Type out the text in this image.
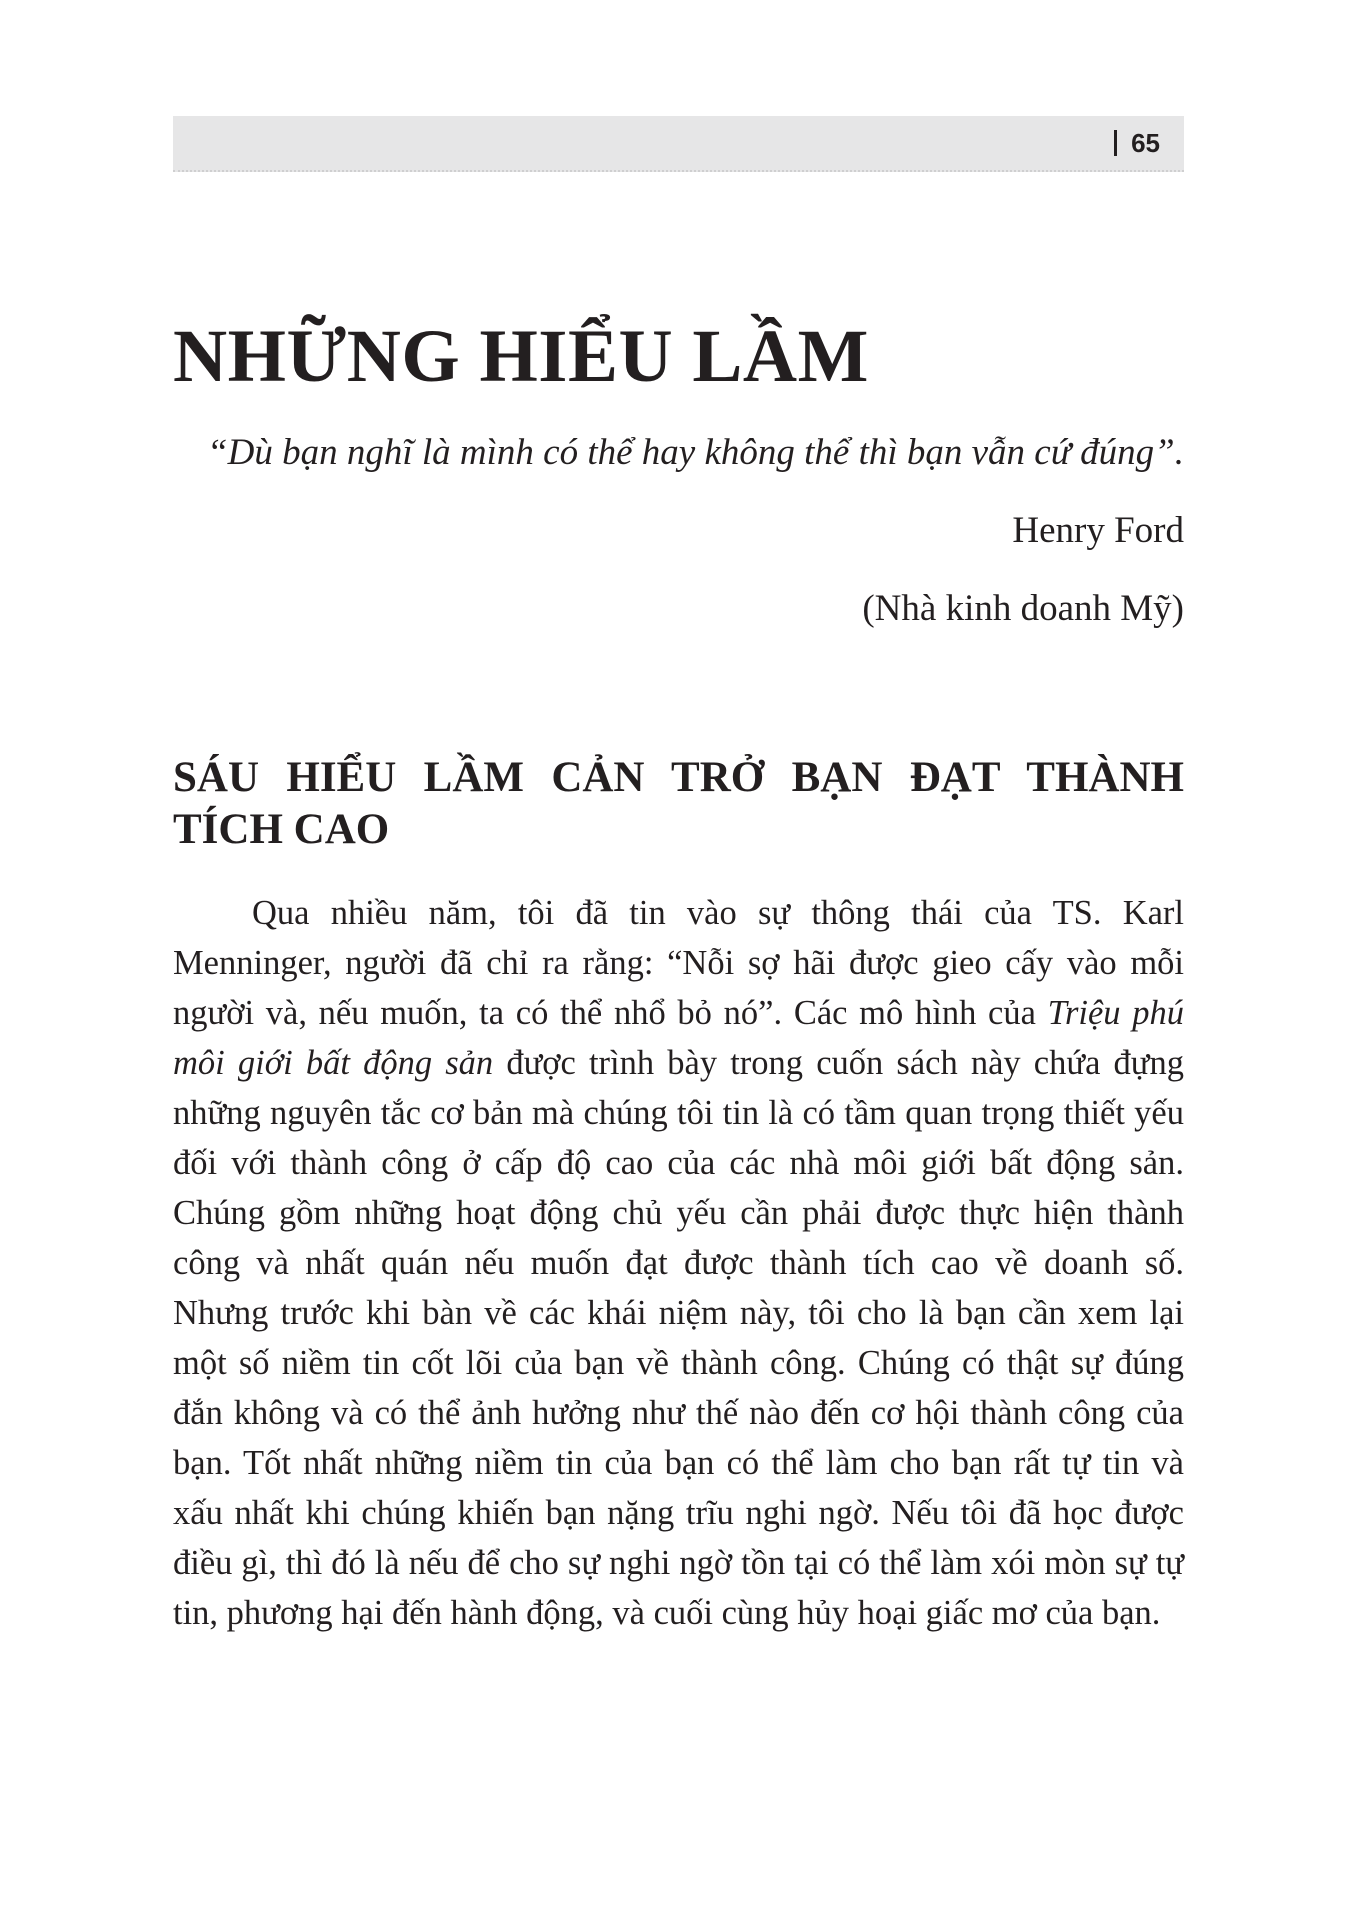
65
NHỮNG HIỂU LẦM

“Dù bạn nghĩ là mình có thể hay không thể thì bạn vẫn cứ đúng”.

Henry Ford

(Nhà kinh doanh Mỹ)

SÁU HIỂU LẦM CẢN TRỞ BẠN ĐẠT THÀNH TÍCH CAO

Qua nhiều năm, tôi đã tin vào sự thông thái của TS. Karl Menninger, người đã chỉ ra rằng: “Nỗi sợ hãi được gieo cấy vào mỗi người và, nếu muốn, ta có thể nhổ bỏ nó”. Các mô hình của Triệu phú môi giới bất động sản được trình bày trong cuốn sách này chứa đựng những nguyên tắc cơ bản mà chúng tôi tin là có tầm quan trọng thiết yếu đối với thành công ở cấp độ cao của các nhà môi giới bất động sản. Chúng gồm những hoạt động chủ yếu cần phải được thực hiện thành công và nhất quán nếu muốn đạt được thành tích cao về doanh số. Nhưng trước khi bàn về các khái niệm này, tôi cho là bạn cần xem lại một số niềm tin cốt lõi của bạn về thành công. Chúng có thật sự đúng đắn không và có thể ảnh hưởng như thế nào đến cơ hội thành công của bạn. Tốt nhất những niềm tin của bạn có thể làm cho bạn rất tự tin và xấu nhất khi chúng khiến bạn nặng trĩu nghi ngờ. Nếu tôi đã học được điều gì, thì đó là nếu để cho sự nghi ngờ tồn tại có thể làm xói mòn sự tự tin, phương hại đến hành động, và cuối cùng hủy hoại giấc mơ của bạn.
